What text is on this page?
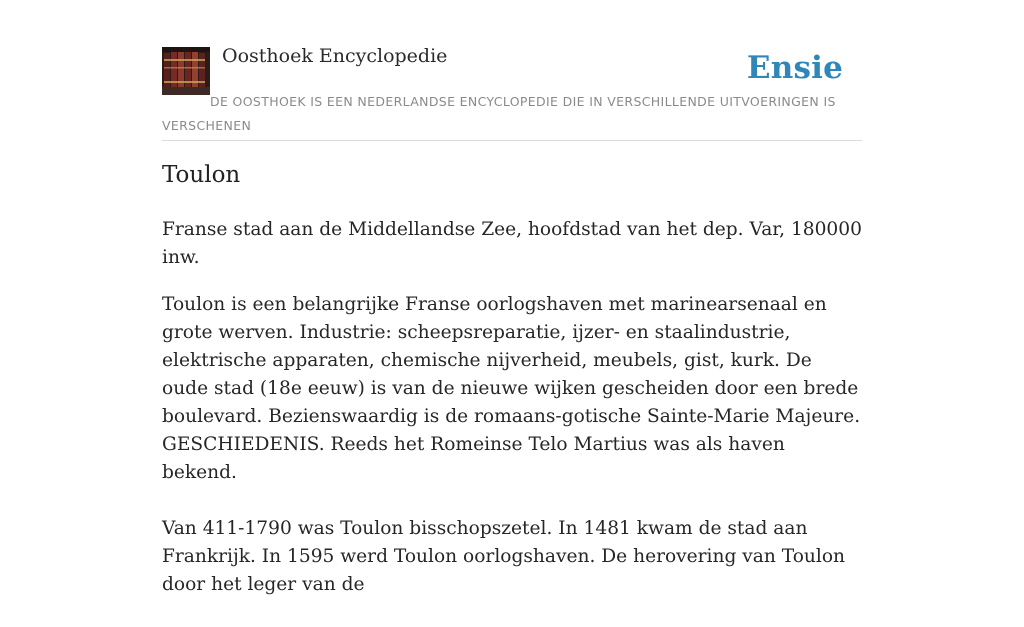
Oosthoek Encyclopedie	Ensie
DE OOSTHOEK IS EEN NEDERLANDSE ENCYCLOPEDIE DIE IN VERSCHILLENDE UITVOERINGEN IS VERSCHENEN
Toulon

Franse stad aan de Middellandse Zee, hoofdstad van het dep. Var, 180000 inw.

Toulon is een belangrijke Franse oorlogshaven met marinearsenaal en grote werven. Industrie: scheepsreparatie, ijzer- en staalindustrie, elektrische apparaten, chemische nijverheid, meubels, gist, kurk. De oude stad (18e eeuw) is van de nieuwe wijken gescheiden door een brede boulevard. Bezienswaardig is de romaans-gotische Sainte-Marie Majeure. GESCHIEDENIS. Reeds het Romeinse Telo Martius was als haven bekend.

Van 411-1790 was Toulon bisschopszetel. In 1481 kwam de stad aan Frankrijk. In 1595 werd Toulon oorlogshaven. De herovering van Toulon door het leger van de
